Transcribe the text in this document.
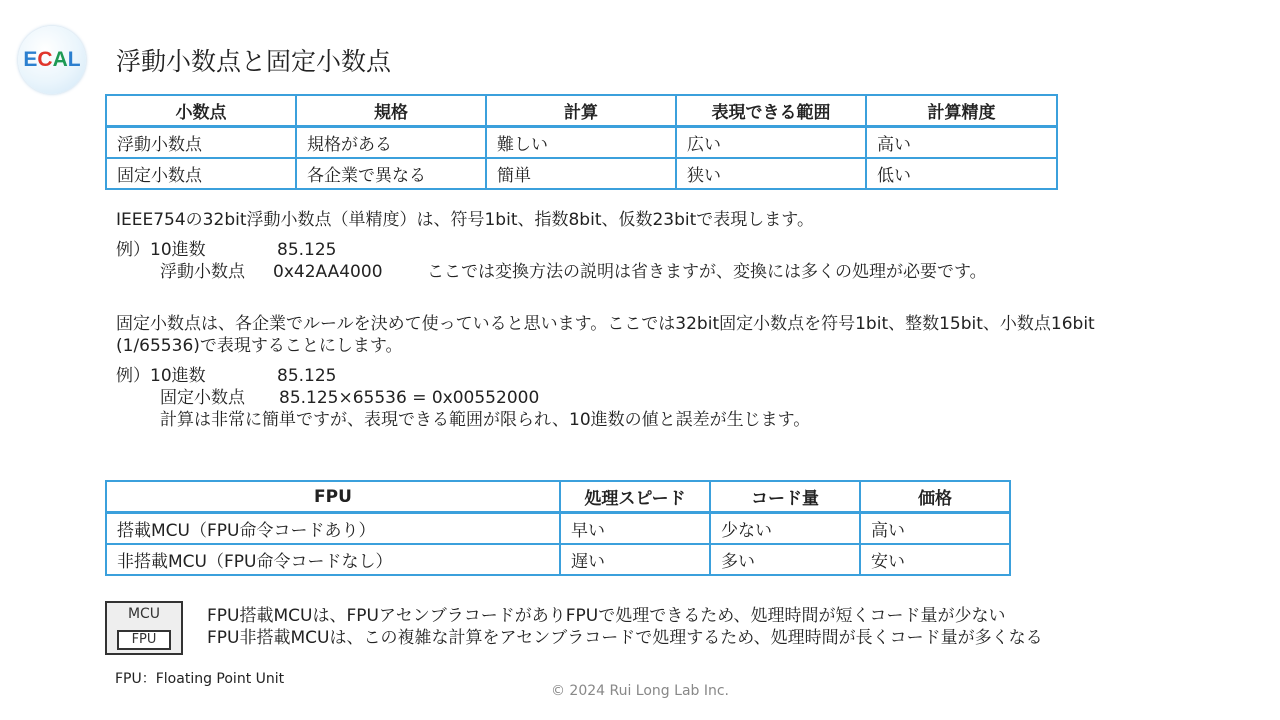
E C A L 浮動小数点と固定小数点
小数点	規格	計算	表現できる範囲	計算精度
浮動小数点	規格がある	難しい	広い	高い
固定小数点	各企業で異なる	簡単	狭い	低い
IEEE754の32bit浮動小数点（単精度）は、符号1bit、指数8bit、仮数23bitで表現します。
例）10進数	85.125
浮動小数点 0x42AA4000	ここでは変換方法の説明は省きますが、変換には多くの処理が必要です。
固定小数点は、各企業でルールを決めて使っていると思います。ここでは32bit固定小数点を符号1bit、整数15bit、小数点16bit
(1/65536)で表現することにします。
例）10進数	85.125
固定小数点 85.125×65536 = 0x00552000
計算は非常に簡単ですが、表現できる範囲が限られ、10進数の値と誤差が生じます。
FPU	処理スピード	コード量	価格
搭載MCU（FPU命令コードあり）	早い	少ない	高い
非搭載MCU（FPU命令コードなし）	遅い	多い	安い
MCU
FPU
FPU搭載MCUは、FPUアセンブラコードがありFPUで処理できるため、処理時間が短くコード量が少ない
FPU非搭載MCUは、この複雑な計算をアセンブラコードで処理するため、処理時間が長くコード量が多くなる
FPU：Floating Point Unit
© 2024 Rui Long Lab Inc.
